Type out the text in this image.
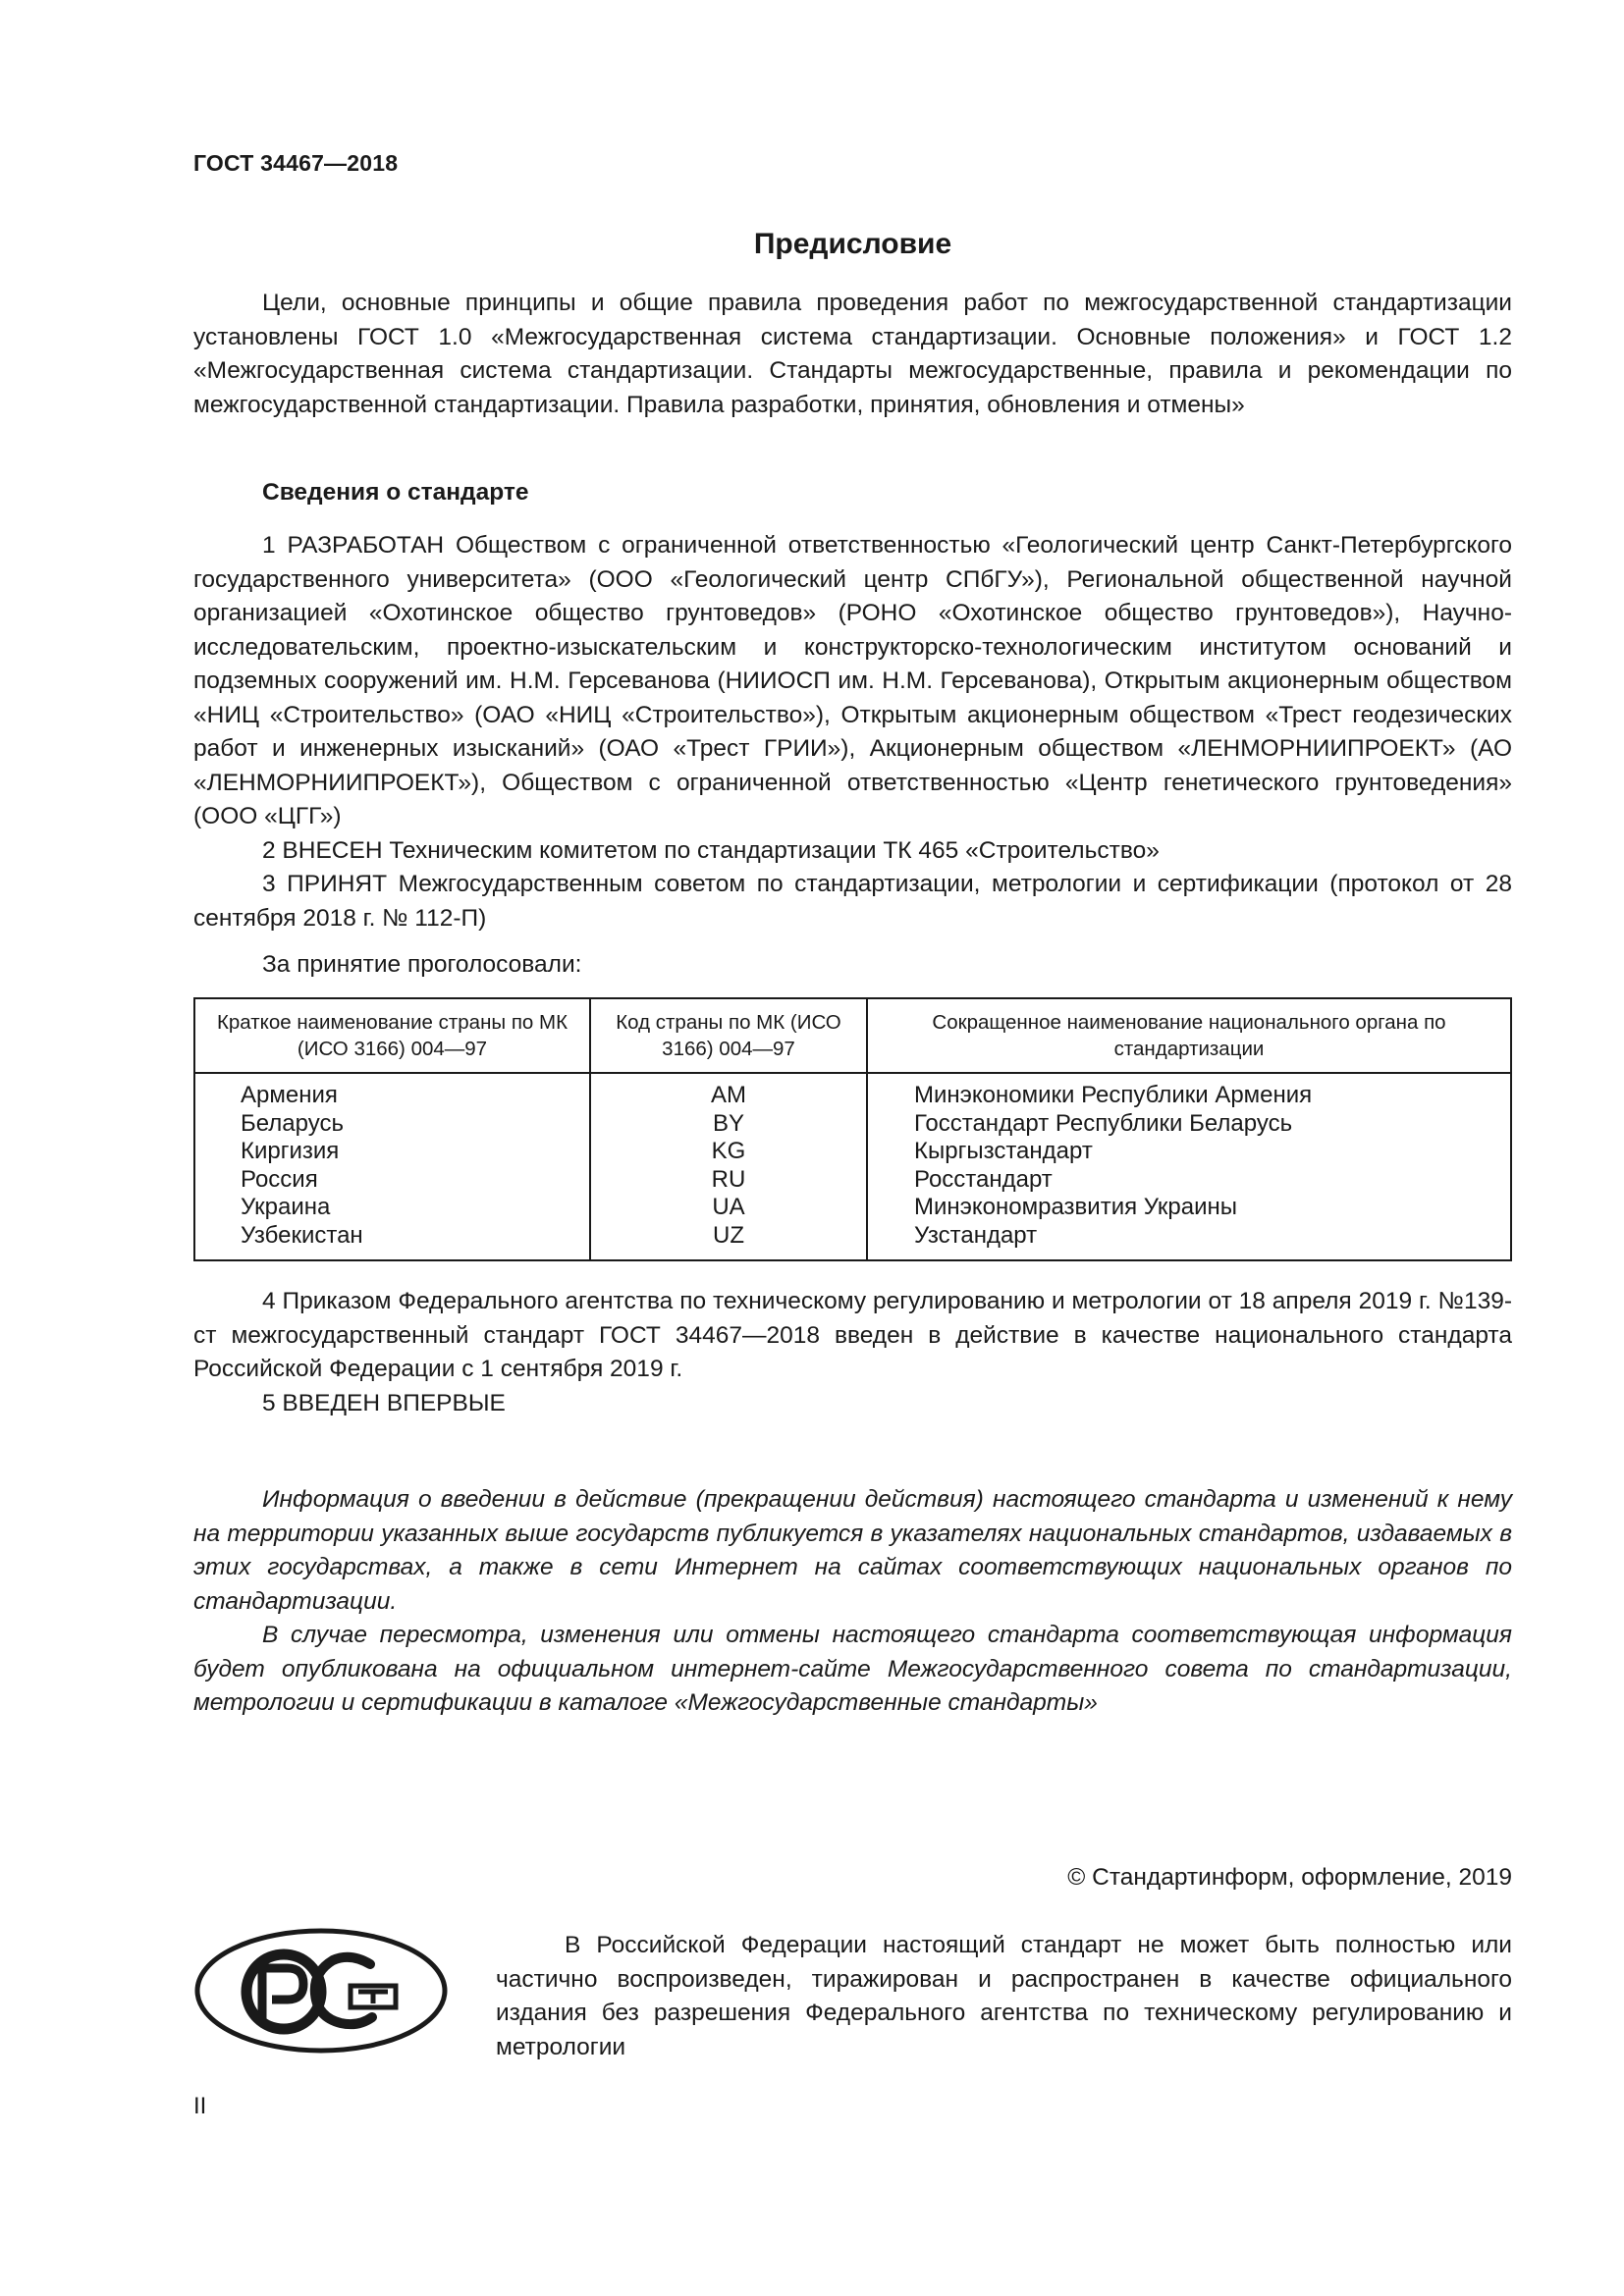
ГОСТ 34467—2018
Предисловие

Цели, основные принципы и общие правила проведения работ по межгосударственной стандартизации установлены ГОСТ 1.0 «Межгосударственная система стандартизации. Основные положения» и ГОСТ 1.2 «Межгосударственная система стандартизации. Стандарты межгосударственные, правила и рекомендации по межгосударственной стандартизации. Правила разработки, принятия, обновления и отмены»

Сведения о стандарте

1 РАЗРАБОТАН Обществом с ограниченной ответственностью «Геологический центр Санкт-Петербургского государственного университета» (ООО «Геологический центр СПбГУ»), Региональной общественной научной организацией «Охотинское общество грунтоведов» (РОНО «Охотинское общество грунтоведов»), Научно-исследовательским, проектно-изыскательским и конструкторско-технологическим институтом оснований и подземных сооружений им. Н.М. Герсеванова (НИИОСП им. Н.М. Герсеванова), Открытым акционерным обществом «НИЦ «Строительство» (ОАО «НИЦ «Строительство»), Открытым акционерным обществом «Трест геодезических работ и инженерных изысканий» (ОАО «Трест ГРИИ»), Акционерным обществом «ЛЕНМОРНИИПРОЕКТ» (АО «ЛЕНМОРНИИПРОЕКТ»), Обществом с ограниченной ответственностью «Центр генетического грунтоведения» (ООО «ЦГГ»)

2 ВНЕСЕН Техническим комитетом по стандартизации ТК 465 «Строительство»

3 ПРИНЯТ Межгосударственным советом по стандартизации, метрологии и сертификации (протокол от 28 сентября 2018 г. № 112-П)

За принятие проголосовали:

Краткое наименование страны по МК (ИСО 3166) 004—97	Код страны по МК (ИСО 3166) 004—97	Сокращенное наименование национального органа по стандартизации

Армения	AM	Минэкономики Республики Армения
Беларусь	BY	Госстандарт Республики Беларусь
Киргизия	KG	Кыргызстандарт
Россия	RU	Росстандарт
Украина	UA	Минэкономразвития Украины
Узбекистан	UZ	Узстандарт

4 Приказом Федерального агентства по техническому регулированию и метрологии от 18 апреля 2019 г. №139-ст межгосударственный стандарт ГОСТ 34467—2018 введен в действие в качестве национального стандарта Российской Федерации с 1 сентября 2019 г.

5 ВВЕДЕН ВПЕРВЫЕ

Информация о введении в действие (прекращении действия) настоящего стандарта и изменений к нему на территории указанных выше государств публикуется в указателях национальных стандартов, издаваемых в этих государствах, а также в сети Интернет на сайтах соответствующих национальных органов по стандартизации.

В случае пересмотра, изменения или отмены настоящего стандарта соответствующая информация будет опубликована на официальном интернет-сайте Межгосударственного совета по стандартизации, метрологии и сертификации в каталоге «Межгосударственные стандарты»

© Стандартинформ, оформление, 2019

В Российской Федерации настоящий стандарт не может быть полностью или частично воспроизведен, тиражирован и распространен в качестве официального издания без разрешения Федерального агентства по техническому регулированию и метрологии

II
